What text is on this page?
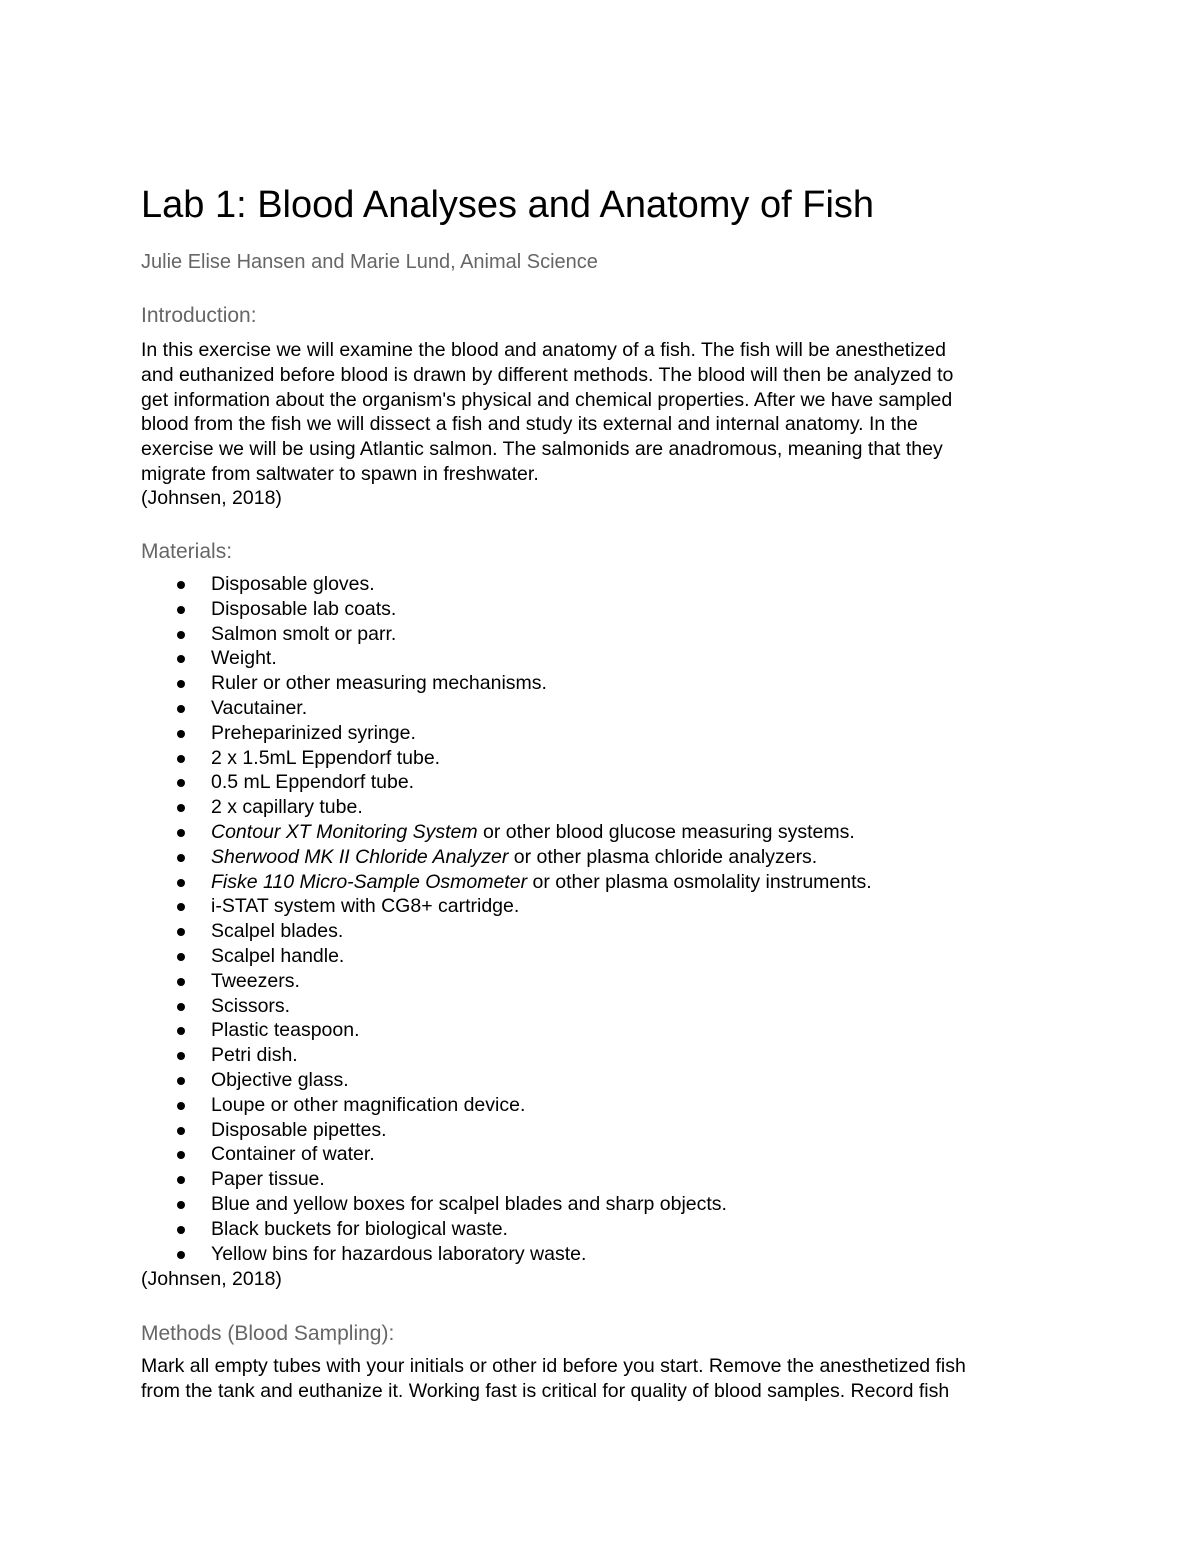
Lab 1: Blood Analyses and Anatomy of Fish

Julie Elise Hansen and Marie Lund, Animal Science

Introduction:
In this exercise we will examine the blood and anatomy of a fish. The fish will be anesthetized
and euthanized before blood is drawn by different methods. The blood will then be analyzed to
get information about the organism's physical and chemical properties. After we have sampled
blood from the fish we will dissect a fish and study its external and internal anatomy. In the
exercise we will be using Atlantic salmon. The salmonids are anadromous, meaning that they
migrate from saltwater to spawn in freshwater.

(Johnsen, 2018)

Materials:
Disposable gloves.
Disposable lab coats.
Salmon smolt or parr.
Weight.
Ruler or other measuring mechanisms.
Vacutainer.
Preheparinized syringe.
2 x 1.5mL Eppendorf tube.
0.5 mL Eppendorf tube.
2 x capillary tube.
Contour XT Monitoring System or other blood glucose measuring systems.
Sherwood MK II Chloride Analyzer or other plasma chloride analyzers.
Fiske 110 Micro-Sample Osmometer or other plasma osmolality instruments.
i-STAT system with CG8+ cartridge.
Scalpel blades.
Scalpel handle.
Tweezers.
Scissors.
Plastic teaspoon.
Petri dish.
Objective glass.
Loupe or other magnification device.
Disposable pipettes.
Container of water.
Paper tissue.
Blue and yellow boxes for scalpel blades and sharp objects.
Black buckets for biological waste.
Yellow bins for hazardous laboratory waste.

(Johnsen, 2018)

Methods (Blood Sampling):
Mark all empty tubes with your initials or other id before you start. Remove the anesthetized fish
from the tank and euthanize it. Working fast is critical for quality of blood samples. Record fish
